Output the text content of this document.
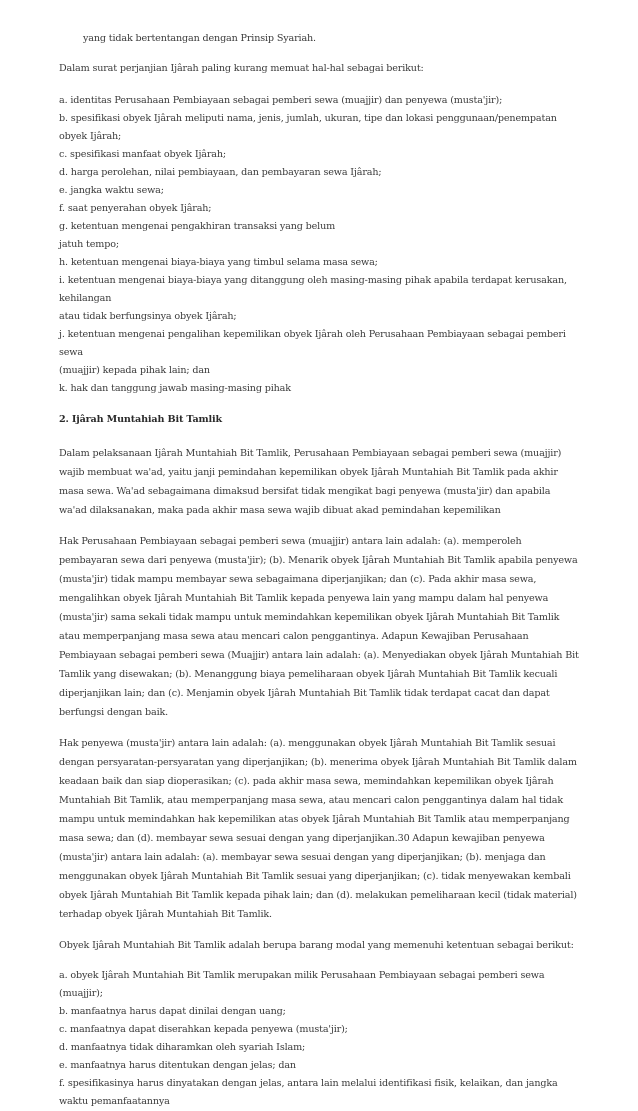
yang tidak bertentangan dengan Prinsip Syariah.

Dalam surat perjanjian Ijârah paling kurang memuat hal-hal sebagai berikut:

a. identitas Perusahaan Pembiayaan sebagai pemberi sewa (muajjir) dan penyewa (musta'jir);

b. spesifikasi obyek Ijârah meliputi nama, jenis, jumlah, ukuran, tipe dan lokasi penggunaan/penempatan obyek Ijârah;

c. spesifikasi manfaat obyek Ijârah;

d. harga perolehan, nilai pembiayaan, dan pembayaran sewa Ijârah;

e. jangka waktu sewa;

f. saat penyerahan obyek Ijârah;

g. ketentuan mengenai pengakhiran transaksi yang belum

jatuh tempo;

h. ketentuan mengenai biaya-biaya yang timbul selama masa sewa;

i. ketentuan mengenai biaya-biaya yang ditanggung oleh masing-masing pihak apabila terdapat kerusakan, kehilangan

atau tidak berfungsinya obyek Ijârah;

j. ketentuan mengenai pengalihan kepemilikan obyek Ijârah oleh Perusahaan Pembiayaan sebagai pemberi sewa

(muajjir) kepada pihak lain; dan

k. hak dan tanggung jawab masing-masing pihak

2. Ijârah Muntahiah Bit Tamlik

Dalam pelaksanaan Ijârah Muntahiah Bit Tamlik, Perusahaan Pembiayaan sebagai pemberi sewa (muajjir) wajib membuat wa'ad, yaitu janji pemindahan kepemilikan obyek Ijârah Muntahiah Bit Tamlik pada akhir masa sewa. Wa'ad sebagaimana dimaksud bersifat tidak mengikat bagi penyewa (musta'jir) dan apabila wa'ad dilaksanakan, maka pada akhir masa sewa wajib dibuat akad pemindahan kepemilikan

Hak Perusahaan Pembiayaan sebagai pemberi sewa (muajjir) antara lain adalah: (a). memperoleh pembayaran sewa dari penyewa (musta'jir); (b). Menarik obyek Ijârah Muntahiah Bit Tamlik apabila penyewa (musta'jir) tidak mampu membayar sewa sebagaimana diperjanjikan; dan (c). Pada akhir masa sewa, mengalihkan obyek Ijârah Muntahiah Bit Tamlik kepada penyewa lain yang mampu dalam hal penyewa (musta'jir) sama sekali tidak mampu untuk memindahkan kepemilikan obyek Ijârah Muntahiah Bit Tamlik atau memperpanjang masa sewa atau mencari calon penggantinya. Adapun Kewajiban Perusahaan Pembiayaan sebagai pemberi sewa (Muajjir) antara lain adalah: (a). Menyediakan obyek Ijârah Muntahiah Bit Tamlik yang disewakan; (b). Menanggung biaya pemeliharaan obyek Ijârah Muntahiah Bit Tamlik kecuali diperjanjikan lain; dan (c). Menjamin obyek Ijârah Muntahiah Bit Tamlik tidak terdapat cacat dan dapat berfungsi dengan baik.

Hak penyewa (musta'jir) antara lain adalah: (a). menggunakan obyek Ijârah Muntahiah Bit Tamlik sesuai dengan persyaratan-persyaratan yang diperjanjikan; (b). menerima obyek Ijârah Muntahiah Bit Tamlik dalam keadaan baik dan siap dioperasikan; (c). pada akhir masa sewa, memindahkan kepemilikan obyek Ijârah Muntahiah Bit Tamlik, atau memperpanjang masa sewa, atau mencari calon penggantinya dalam hal tidak mampu untuk memindahkan hak kepemilikan atas obyek Ijârah Muntahiah Bit Tamlik atau memperpanjang masa sewa; dan (d). membayar sewa sesuai dengan yang diperjanjikan.30 Adapun kewajiban penyewa (musta'jir) antara lain adalah: (a). membayar sewa sesuai dengan yang diperjanjikan; (b). menjaga dan menggunakan obyek Ijârah Muntahiah Bit Tamlik sesuai yang diperjanjikan; (c). tidak menyewakan kembali obyek Ijârah Muntahiah Bit Tamlik kepada pihak lain; dan (d). melakukan pemeliharaan kecil (tidak material) terhadap obyek Ijârah Muntahiah Bit Tamlik.

Obyek Ijârah Muntahiah Bit Tamlik adalah berupa barang modal yang memenuhi ketentuan sebagai berikut:

a. obyek Ijârah Muntahiah Bit Tamlik merupakan milik Perusahaan Pembiayaan sebagai pemberi sewa (muajjir);

b. manfaatnya harus dapat dinilai dengan uang;

c. manfaatnya dapat diserahkan kepada penyewa (musta'jir);

d. manfaatnya tidak diharamkan oleh syariah Islam;

e. manfaatnya harus ditentukan dengan jelas; dan

f. spesifikasinya harus dinyatakan dengan jelas, antara lain melalui identifikasi fisik, kelaikan, dan jangka waktu pemanfaatannya
